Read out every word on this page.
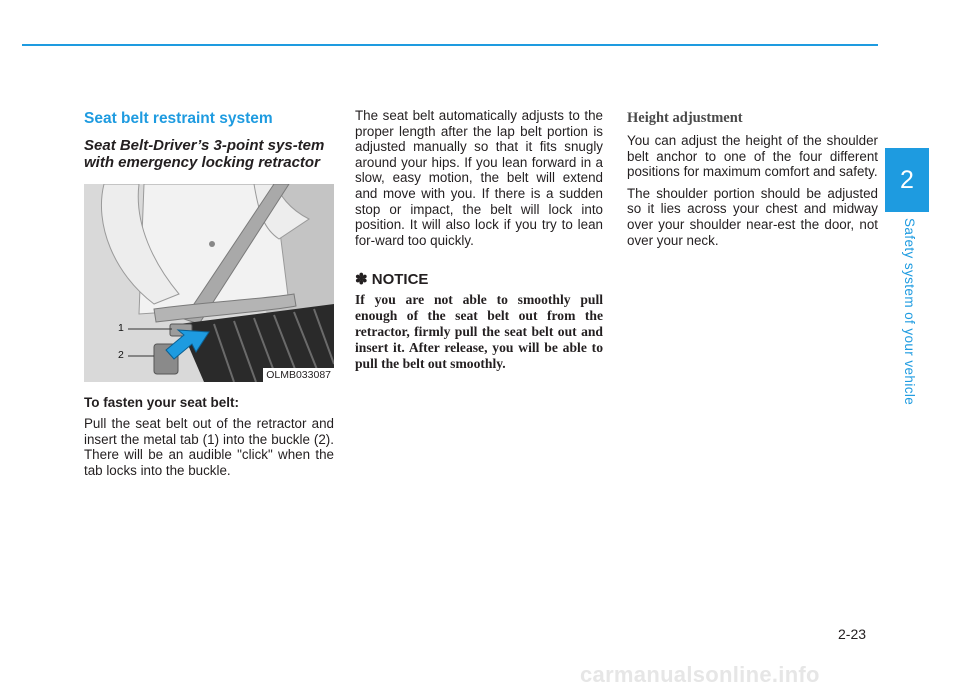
2
Safety system of your vehicle
Seat belt restraint system
Seat Belt-Driver’s 3-point sys-tem with emergency locking retractor
1
2
OLMB033087

To fasten your seat belt:

Pull the seat belt out of the retractor and insert the metal tab (1) into the buckle (2). There will be an audible "click" when the tab locks into the buckle.

The seat belt automatically adjusts to the proper length after the lap belt portion is adjusted manually so that it fits snugly around your hips. If you lean forward in a slow, easy motion, the belt will extend and move with you. If there is a sudden stop or impact, the belt will lock into position. It will also lock if you try to lean for-ward too quickly.

✽ NOTICE

If you are not able to smoothly pull enough of the seat belt out from the retractor, firmly pull the seat belt out and insert it. After release, you will be able to pull the belt out smoothly.

Height adjustment

You can adjust the height of the shoulder belt anchor to one of the four different positions for maximum comfort and safety.

The shoulder portion should be adjusted so it lies across your chest and midway over your shoulder near-est the door, not over your neck.

2-23
carmanualsonline.info
